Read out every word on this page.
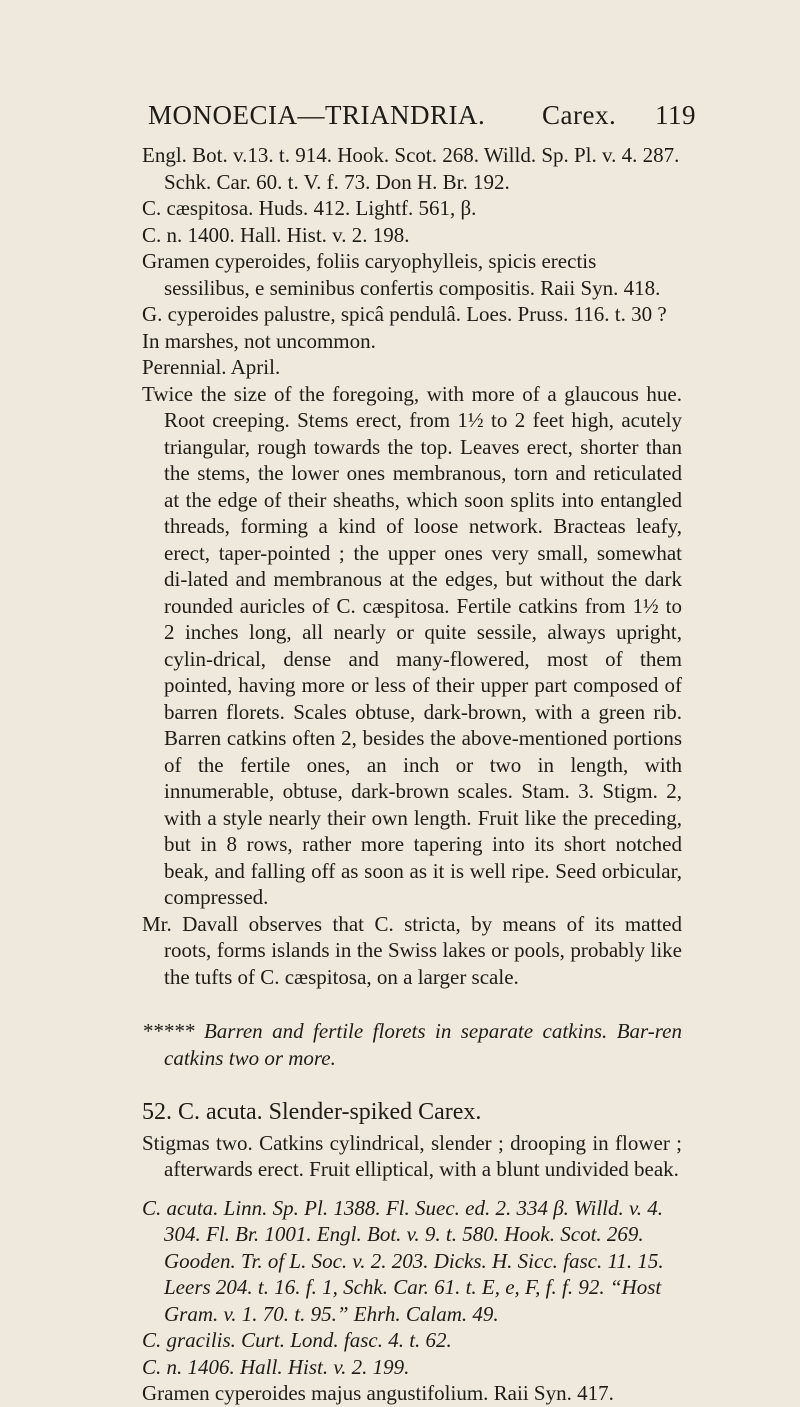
MONOECIA—TRIANDRIA. Carex. 119

Engl. Bot. v.13. t. 914. Hook. Scot. 268. Willd. Sp. Pl. v. 4. 287. Schk. Car. 60. t. V. f. 73. Don H. Br. 192.

C. cæspitosa. Huds. 412. Lightf. 561, β.

C. n. 1400. Hall. Hist. v. 2. 198.

Gramen cyperoides, foliis caryophylleis, spicis erectis sessilibus, e seminibus confertis compositis. Raii Syn. 418.

G. cyperoides palustre, spicâ pendulâ. Loes. Pruss. 116. t. 30 ?

In marshes, not uncommon.

Perennial. April.

Twice the size of the foregoing, with more of a glaucous hue. Root creeping. Stems erect, from 1½ to 2 feet high, acutely triangular, rough towards the top. Leaves erect, shorter than the stems, the lower ones membranous, torn and reticulated at the edge of their sheaths, which soon splits into entangled threads, forming a kind of loose network. Bracteas leafy, erect, taper-pointed ; the upper ones very small, somewhat di-lated and membranous at the edges, but without the dark rounded auricles of C. cæspitosa. Fertile catkins from 1½ to 2 inches long, all nearly or quite sessile, always upright, cylin-drical, dense and many-flowered, most of them pointed, having more or less of their upper part composed of barren florets. Scales obtuse, dark-brown, with a green rib. Barren catkins often 2, besides the above-mentioned portions of the fertile ones, an inch or two in length, with innumerable, obtuse, dark-brown scales. Stam. 3. Stigm. 2, with a style nearly their own length. Fruit like the preceding, but in 8 rows, rather more tapering into its short notched beak, and falling off as soon as it is well ripe. Seed orbicular, compressed.

Mr. Davall observes that C. stricta, by means of its matted roots, forms islands in the Swiss lakes or pools, probably like the tufts of C. cæspitosa, on a larger scale.

***** Barren and fertile florets in separate catkins. Bar-ren catkins two or more.

52. C. acuta. Slender-spiked Carex.

Stigmas two. Catkins cylindrical, slender ; drooping in flower ; afterwards erect. Fruit elliptical, with a blunt undivided beak.

C. acuta. Linn. Sp. Pl. 1388. Fl. Suec. ed. 2. 334 β. Willd. v. 4. 304. Fl. Br. 1001. Engl. Bot. v. 9. t. 580. Hook. Scot. 269. Gooden. Tr. of L. Soc. v. 2. 203. Dicks. H. Sicc. fasc. 11. 15. Leers 204. t. 16. f. 1, Schk. Car. 61. t. E, e, F, f. f. 92. “Host Gram. v. 1. 70. t. 95.” Ehrh. Calam. 49.

C. gracilis. Curt. Lond. fasc. 4. t. 62.

C. n. 1406. Hall. Hist. v. 2. 199.

Gramen cyperoides majus angustifolium. Raii Syn. 417.
